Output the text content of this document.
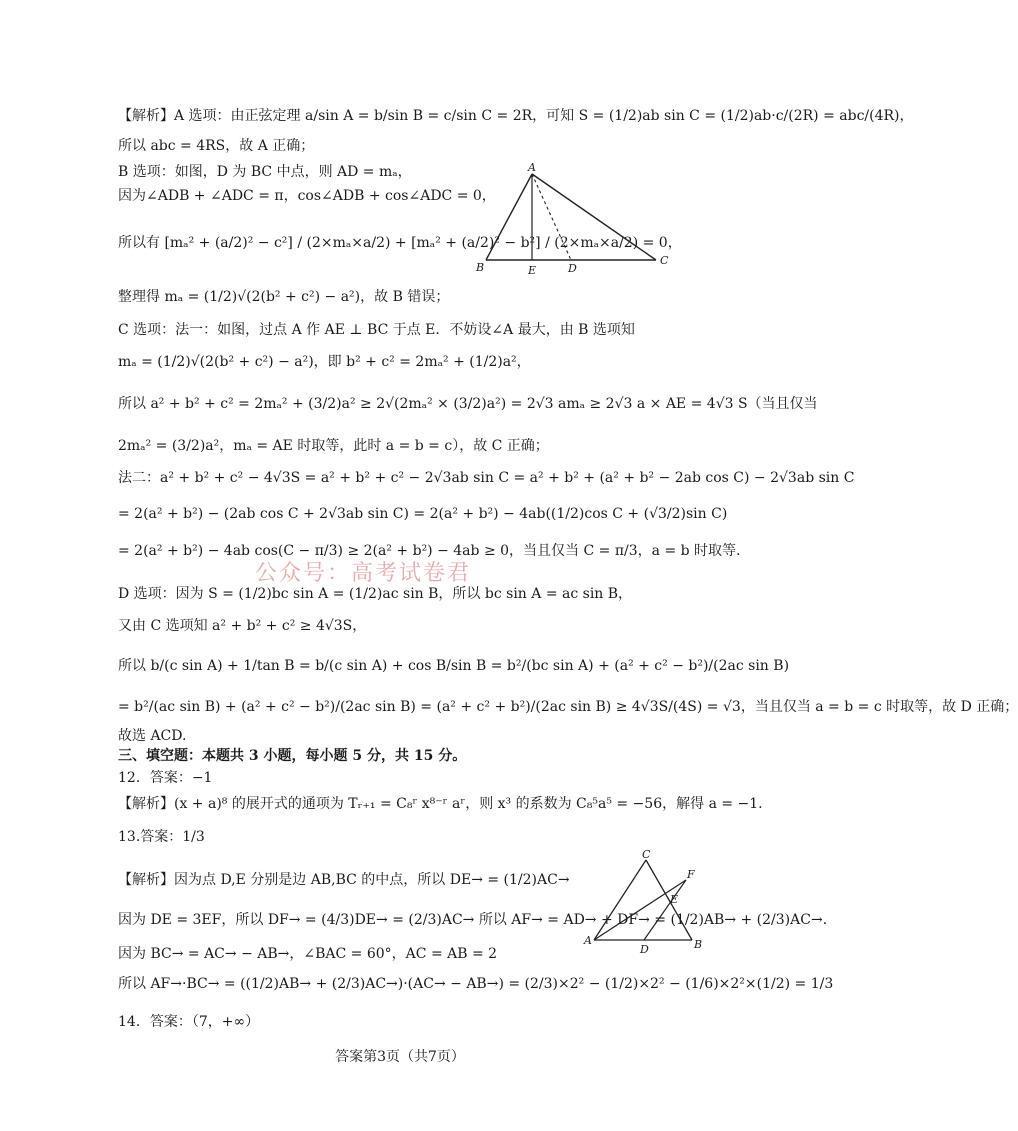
【解析】A 选项：由正弦定理 a/sin A = b/sin B = c/sin C = 2R，可知 S = (1/2)ab sin C = (1/2)ab·c/(2R) = abc/(4R)，
所以 abc = 4RS，故 A 正确；
B 选项：如图，D 为 BC 中点，则 AD = mₐ，
因为∠ADB + ∠ADC = π，cos∠ADB + cos∠ADC = 0，
所以有 [mₐ² + (a/2)² − c²] / (2×mₐ×a/2) + [mₐ² + (a/2)² − b²] / (2×mₐ×a/2) = 0，
整理得 mₐ = (1/2)√(2(b² + c²) − a²)，故 B 错误；
C 选项：法一：如图，过点 A 作 AE ⊥ BC 于点 E．不妨设∠A 最大，由 B 选项知
mₐ = (1/2)√(2(b² + c²) − a²)，即 b² + c² = 2mₐ² + (1/2)a²，
所以 a² + b² + c² = 2mₐ² + (3/2)a² ≥ 2√(2mₐ² × (3/2)a²) = 2√3 amₐ ≥ 2√3 a × AE = 4√3 S（当且仅当
2mₐ² = (3/2)a²，mₐ = AE 时取等，此时 a = b = c），故 C 正确；
法二：a² + b² + c² − 4√3S = a² + b² + c² − 2√3ab sin C = a² + b² + (a² + b² − 2ab cos C) − 2√3ab sin C
= 2(a² + b²) − (2ab cos C + 2√3ab sin C) = 2(a² + b²) − 4ab((1/2)cos C + (√3/2)sin C)
= 2(a² + b²) − 4ab cos(C − π/3) ≥ 2(a² + b²) − 4ab ≥ 0，当且仅当 C = π/3，a = b 时取等.
公众号：高考试卷君
D 选项：因为 S = (1/2)bc sin A = (1/2)ac sin B，所以 bc sin A = ac sin B，
又由 C 选项知 a² + b² + c² ≥ 4√3S，
所以 b/(c sin A) + 1/tan B = b/(c sin A) + cos B/sin B = b²/(bc sin A) + (a² + c² − b²)/(2ac sin B)
= b²/(ac sin B) + (a² + c² − b²)/(2ac sin B) = (a² + c² + b²)/(2ac sin B) ≥ 4√3S/(4S) = √3，当且仅当 a = b = c 时取等，故 D 正确；
故选 ACD.
三、填空题：本题共 3 小题，每小题 5 分，共 15 分。
12．答案：−1
【解析】(x + a)⁸ 的展开式的通项为 Tᵣ₊₁ = C₈ʳ x⁸⁻ʳ aʳ，则 x³ 的系数为 C₈⁵a⁵ = −56，解得 a = −1.
13.答案：1/3
【解析】因为点 D,E 分别是边 AB,BC 的中点，所以 DE→ = (1/2)AC→
因为 DE = 3EF，所以 DF→ = (4/3)DE→ = (2/3)AC→ 所以 AF→ = AD→ + DF→ = (1/2)AB→ + (2/3)AC→．
因为 BC→ = AC→ − AB→，∠BAC = 60°，AC = AB = 2
所以 AF→·BC→ = ((1/2)AB→ + (2/3)AC→)·(AC→ − AB→) = (2/3)×2² − (1/2)×2² − (1/6)×2²×(1/2) = 1/3
14．答案：（7，+∞）
答案第3页（共7页）
A
B
C
D
E
C
A	B
D
E
F
